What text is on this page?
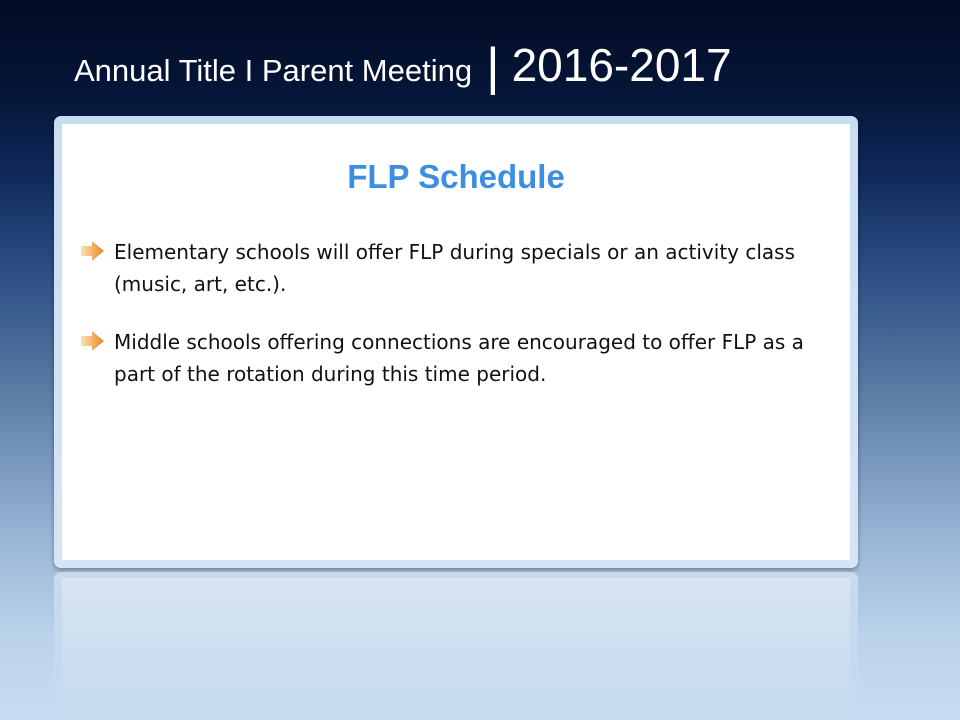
Annual Title I Parent Meeting | 2016-2017
FLP Schedule
Elementary schools will offer FLP during specials or an activity class (music, art, etc.).
Middle schools offering connections are encouraged to offer FLP as a part of the rotation during this time period.
